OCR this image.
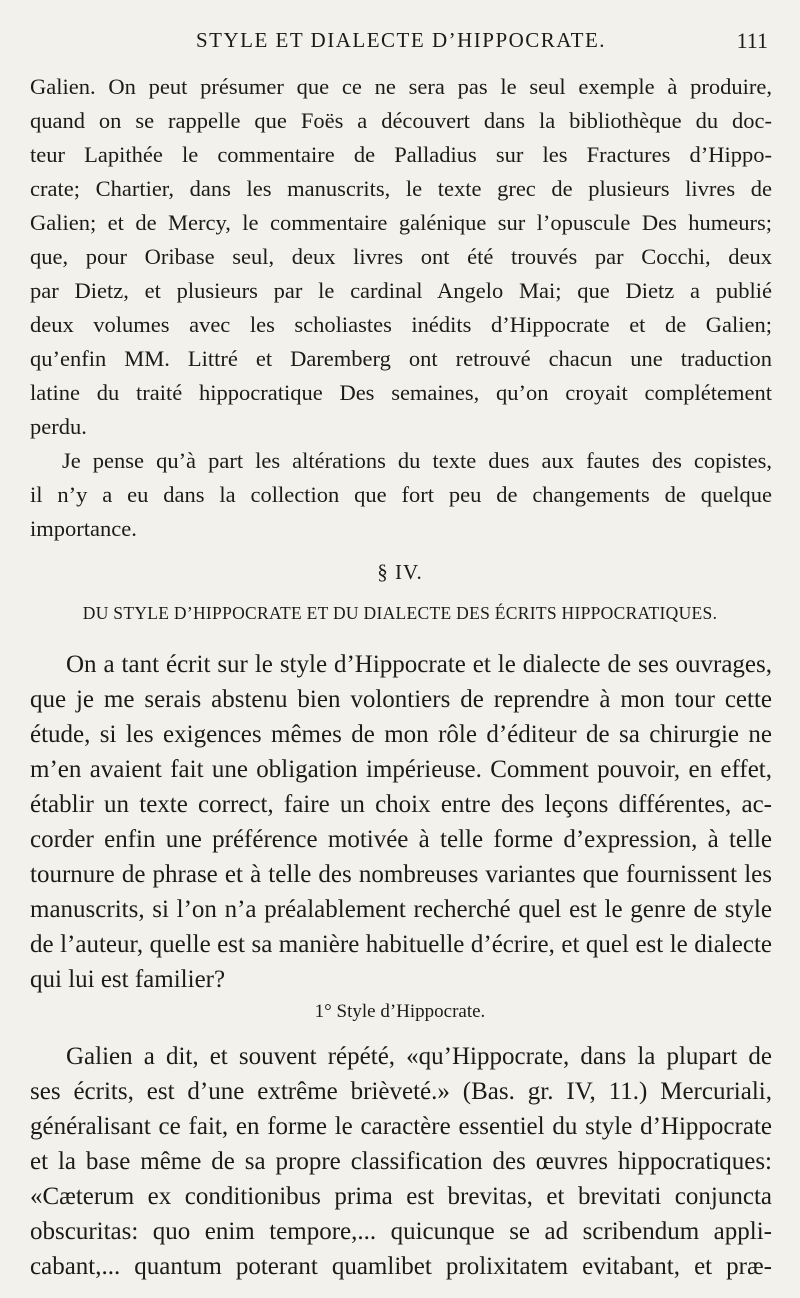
STYLE ET DIALECTE D’HIPPOCRATE.	111
Galien. On peut présumer que ce ne sera pas le seul exemple à produire,
quand on se rappelle que Foës a découvert dans la bibliothèque du doc-
teur Lapithée le commentaire de Palladius sur les Fractures d’Hippo-
crate; Chartier, dans les manuscrits, le texte grec de plusieurs livres de
Galien; et de Mercy, le commentaire galénique sur l’opuscule Des humeurs;
que, pour Oribase seul, deux livres ont été trouvés par Cocchi, deux
par Dietz, et plusieurs par le cardinal Angelo Mai; que Dietz a publié
deux volumes avec les scholiastes inédits d’Hippocrate et de Galien;
qu’enfin MM. Littré et Daremberg ont retrouvé chacun une traduction
latine du traité hippocratique Des semaines, qu’on croyait complétement
perdu.
Je pense qu’à part les altérations du texte dues aux fautes des copistes,
il n’y a eu dans la collection que fort peu de changements de quelque
importance.
§ IV.
DU STYLE D’HIPPOCRATE ET DU DIALECTE DES ÉCRITS HIPPOCRATIQUES.
On a tant écrit sur le style d’Hippocrate et le dialecte de ses ouvrages,
que je me serais abstenu bien volontiers de reprendre à mon tour cette
étude, si les exigences mêmes de mon rôle d’éditeur de sa chirurgie ne
m’en avaient fait une obligation impérieuse. Comment pouvoir, en effet,
établir un texte correct, faire un choix entre des leçons différentes, ac-
corder enfin une préférence motivée à telle forme d’expression, à telle
tournure de phrase et à telle des nombreuses variantes que fournissent les
manuscrits, si l’on n’a préalablement recherché quel est le genre de style
de l’auteur, quelle est sa manière habituelle d’écrire, et quel est le dialecte
qui lui est familier?
1° Style d’Hippocrate.
Galien a dit, et souvent répété, «qu’Hippocrate, dans la plupart de
ses écrits, est d’une extrême brièveté.» (Bas. gr. IV, 11.) Mercuriali,
généralisant ce fait, en forme le caractère essentiel du style d’Hippocrate
et la base même de sa propre classification des œuvres hippocratiques:
«Cæterum ex conditionibus prima est brevitas, et brevitati conjuncta
obscuritas: quo enim tempore,... quicunque se ad scribendum appli-
cabant,... quantum poterant quamlibet prolixitatem evitabant, et præ-
